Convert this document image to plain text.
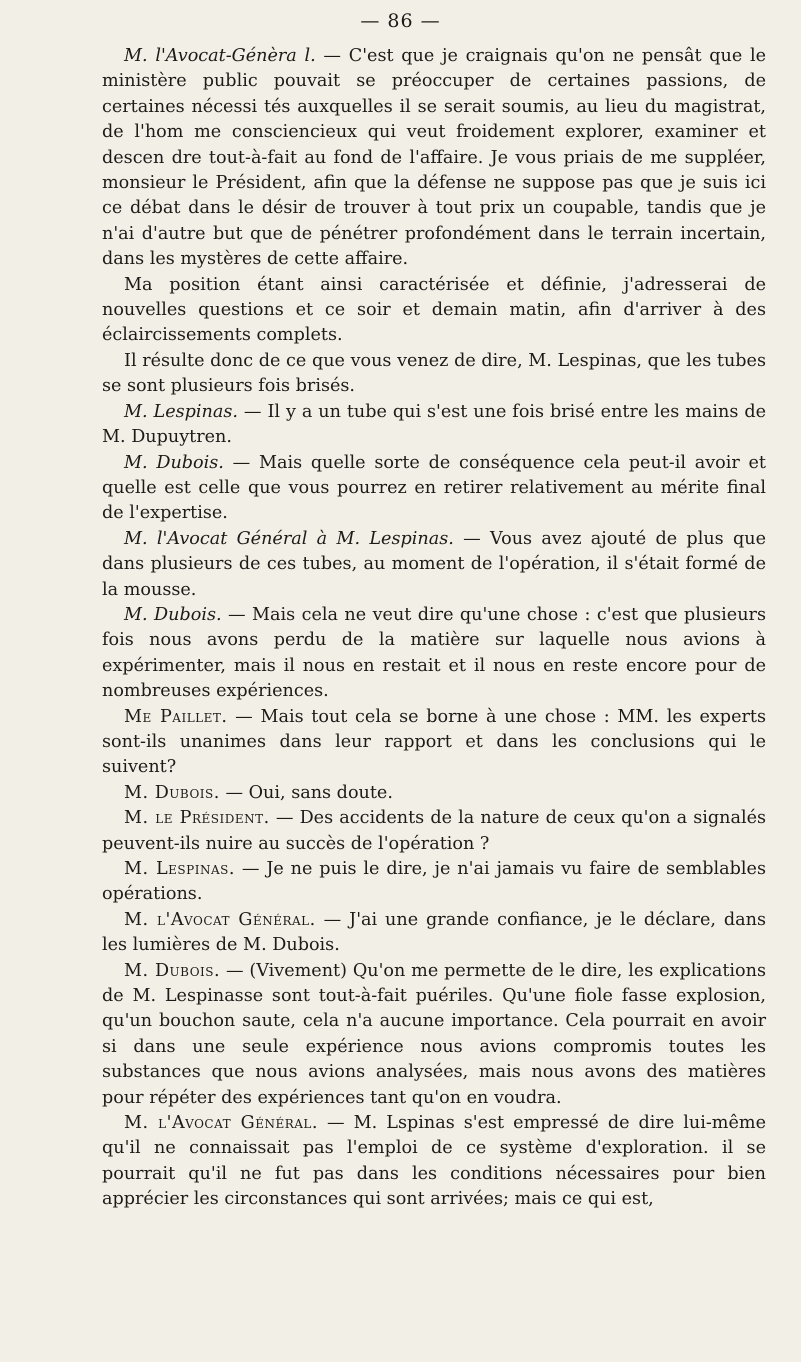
— 86 —

M. l'Avocat-Génèra l. — C'est que je craignais qu'on ne pensât que le ministère public pouvait se préoccuper de certaines passions, de certaines nécessi tés auxquelles il se serait soumis, au lieu du magistrat, de l'hom me consciencieux qui veut froidement explorer, examiner et descen dre tout-à-fait au fond de l'affaire. Je vous priais de me suppléer, monsieur le Président, afin que la défense ne suppose pas que je suis ici ce débat dans le désir de trouver à tout prix un coupable, tandis que je n'ai d'autre but que de pénétrer profondément dans le terrain incertain, dans les mystères de cette affaire.

Ma position étant ainsi caractérisée et définie, j'adresserai de nouvelles questions et ce soir et demain matin, afin d'arriver à des éclaircissements complets.

Il résulte donc de ce que vous venez de dire, M. Lespinas, que les tubes se sont plusieurs fois brisés.

M. Lespinas. — Il y a un tube qui s'est une fois brisé entre les mains de M. Dupuytren.

M. Dubois. — Mais quelle sorte de conséquence cela peut-il avoir et quelle est celle que vous pourrez en retirer relativement au mérite final de l'expertise.

M. l'Avocat Général à M. Lespinas. — Vous avez ajouté de plus que dans plusieurs de ces tubes, au moment de l'opération, il s'était formé de la mousse.

M. Dubois. — Mais cela ne veut dire qu'une chose : c'est que plusieurs fois nous avons perdu de la matière sur laquelle nous avions à expérimenter, mais il nous en restait et il nous en reste encore pour de nombreuses expériences.

Me Paillet. — Mais tout cela se borne à une chose : MM. les experts sont-ils unanimes dans leur rapport et dans les conclusions qui le suivent?

M. Dubois. — Oui, sans doute.

M. le Président. — Des accidents de la nature de ceux qu'on a signalés peuvent-ils nuire au succès de l'opération ?

M. Lespinas. — Je ne puis le dire, je n'ai jamais vu faire de semblables opérations.

M. l'Avocat Général. — J'ai une grande confiance, je le déclare, dans les lumières de M. Dubois.

M. Dubois. — (Vivement) Qu'on me permette de le dire, les explications de M. Lespinasse sont tout-à-fait puériles. Qu'une fiole fasse explosion, qu'un bouchon saute, cela n'a aucune importance. Cela pourrait en avoir si dans une seule expérience nous avions compromis toutes les substances que nous avions analysées, mais nous avons des matières pour répéter des expériences tant qu'on en voudra.

M. l'Avocat Général. — M. Lspinas s'est empressé de dire lui-même qu'il ne connaissait pas l'emploi de ce système d'exploration. il se pourrait qu'il ne fut pas dans les conditions nécessaires pour bien apprécier les circonstances qui sont arrivées; mais ce qui est,
